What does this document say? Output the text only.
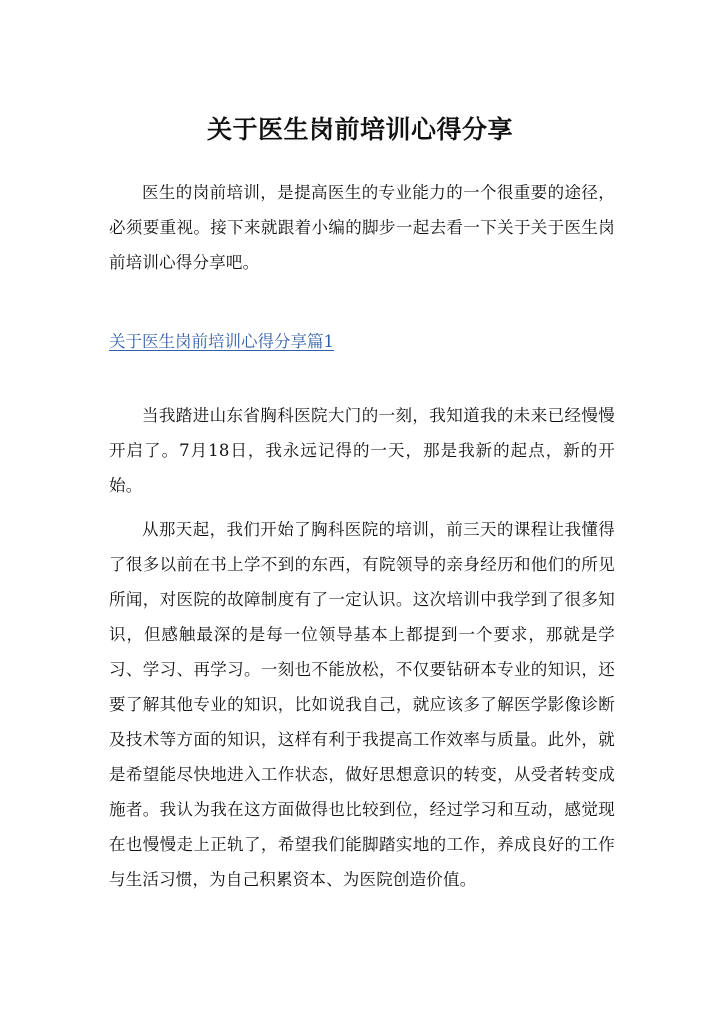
关于医生岗前培训心得分享

医生的岗前培训，是提高医生的专业能力的一个很重要的途径，必须要重视。接下来就跟着小编的脚步一起去看一下关于关于医生岗前培训心得分享吧。

关于医生岗前培训心得分享篇1

当我踏进山东省胸科医院大门的一刻，我知道我的未来已经慢慢开启了。7月18日，我永远记得的一天，那是我新的起点，新的开始。

从那天起，我们开始了胸科医院的培训，前三天的课程让我懂得了很多以前在书上学不到的东西，有院领导的亲身经历和他们的所见所闻，对医院的故障制度有了一定认识。这次培训中我学到了很多知识，但感触最深的是每一位领导基本上都提到一个要求，那就是学习、学习、再学习。一刻也不能放松，不仅要钻研本专业的知识，还要了解其他专业的知识，比如说我自己，就应该多了解医学影像诊断及技术等方面的知识，这样有利于我提高工作效率与质量。此外，就是希望能尽快地进入工作状态，做好思想意识的转变，从受者转变成施者。我认为我在这方面做得也比较到位，经过学习和互动，感觉现在也慢慢走上正轨了，希望我们能脚踏实地的工作，养成良好的工作与生活习惯，为自己积累资本、为医院创造价值。
